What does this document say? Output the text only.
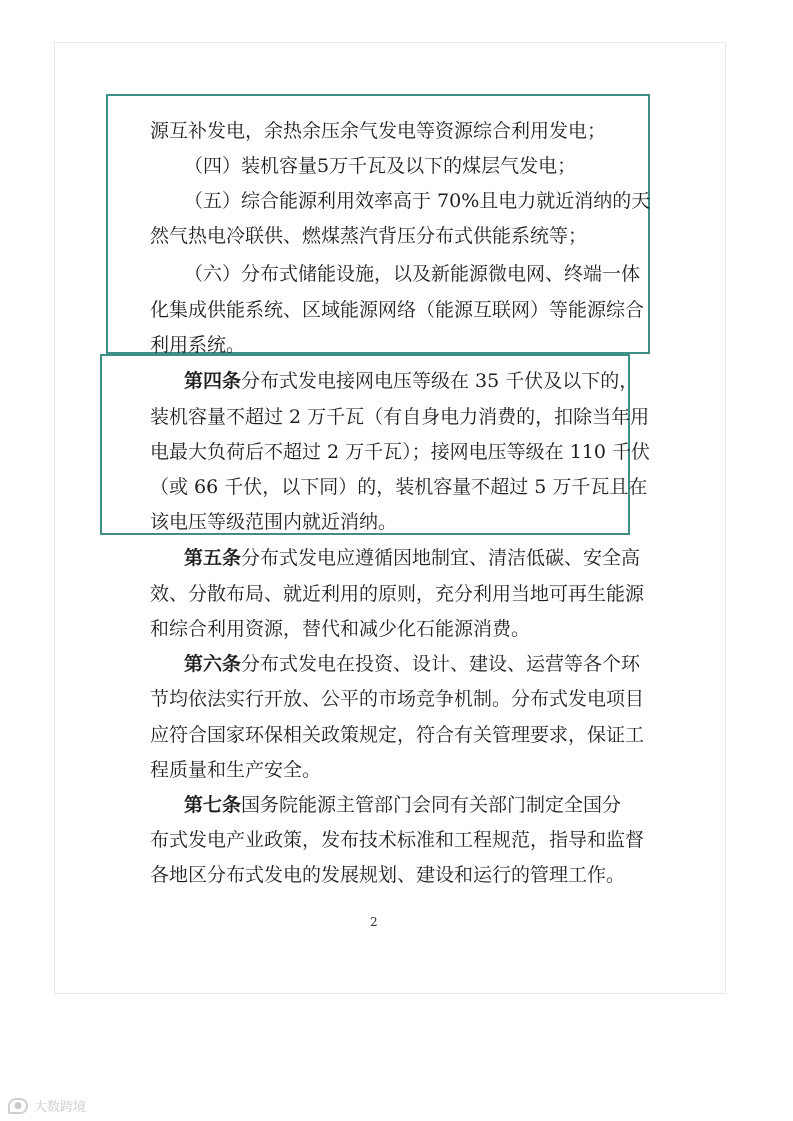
源互补发电，余热余压余气发电等资源综合利用发电；
（四）装机容量5万千瓦及以下的煤层气发电；
（五）综合能源利用效率高于 70%且电力就近消纳的天
然气热电冷联供、燃煤蒸汽背压分布式供能系统等；
（六）分布式储能设施，以及新能源微电网、终端一体
化集成供能系统、区域能源网络（能源互联网）等能源综合
利用系统。
第四条分布式发电接网电压等级在 35 千伏及以下的，
装机容量不超过 2 万千瓦（有自身电力消费的，扣除当年用
电最大负荷后不超过 2 万千瓦）；接网电压等级在 110 千伏
（或 66 千伏，以下同）的，装机容量不超过 5 万千瓦且在
该电压等级范围内就近消纳。
第五条分布式发电应遵循因地制宜、清洁低碳、安全高
效、分散布局、就近利用的原则，充分利用当地可再生能源
和综合利用资源，替代和减少化石能源消费。
第六条分布式发电在投资、设计、建设、运营等各个环
节均依法实行开放、公平的市场竞争机制。分布式发电项目
应符合国家环保相关政策规定，符合有关管理要求，保证工
程质量和生产安全。
第七条国务院能源主管部门会同有关部门制定全国分
布式发电产业政策，发布技术标准和工程规范，指导和监督
各地区分布式发电的发展规划、建设和运行的管理工作。
2
● 大数跨境
